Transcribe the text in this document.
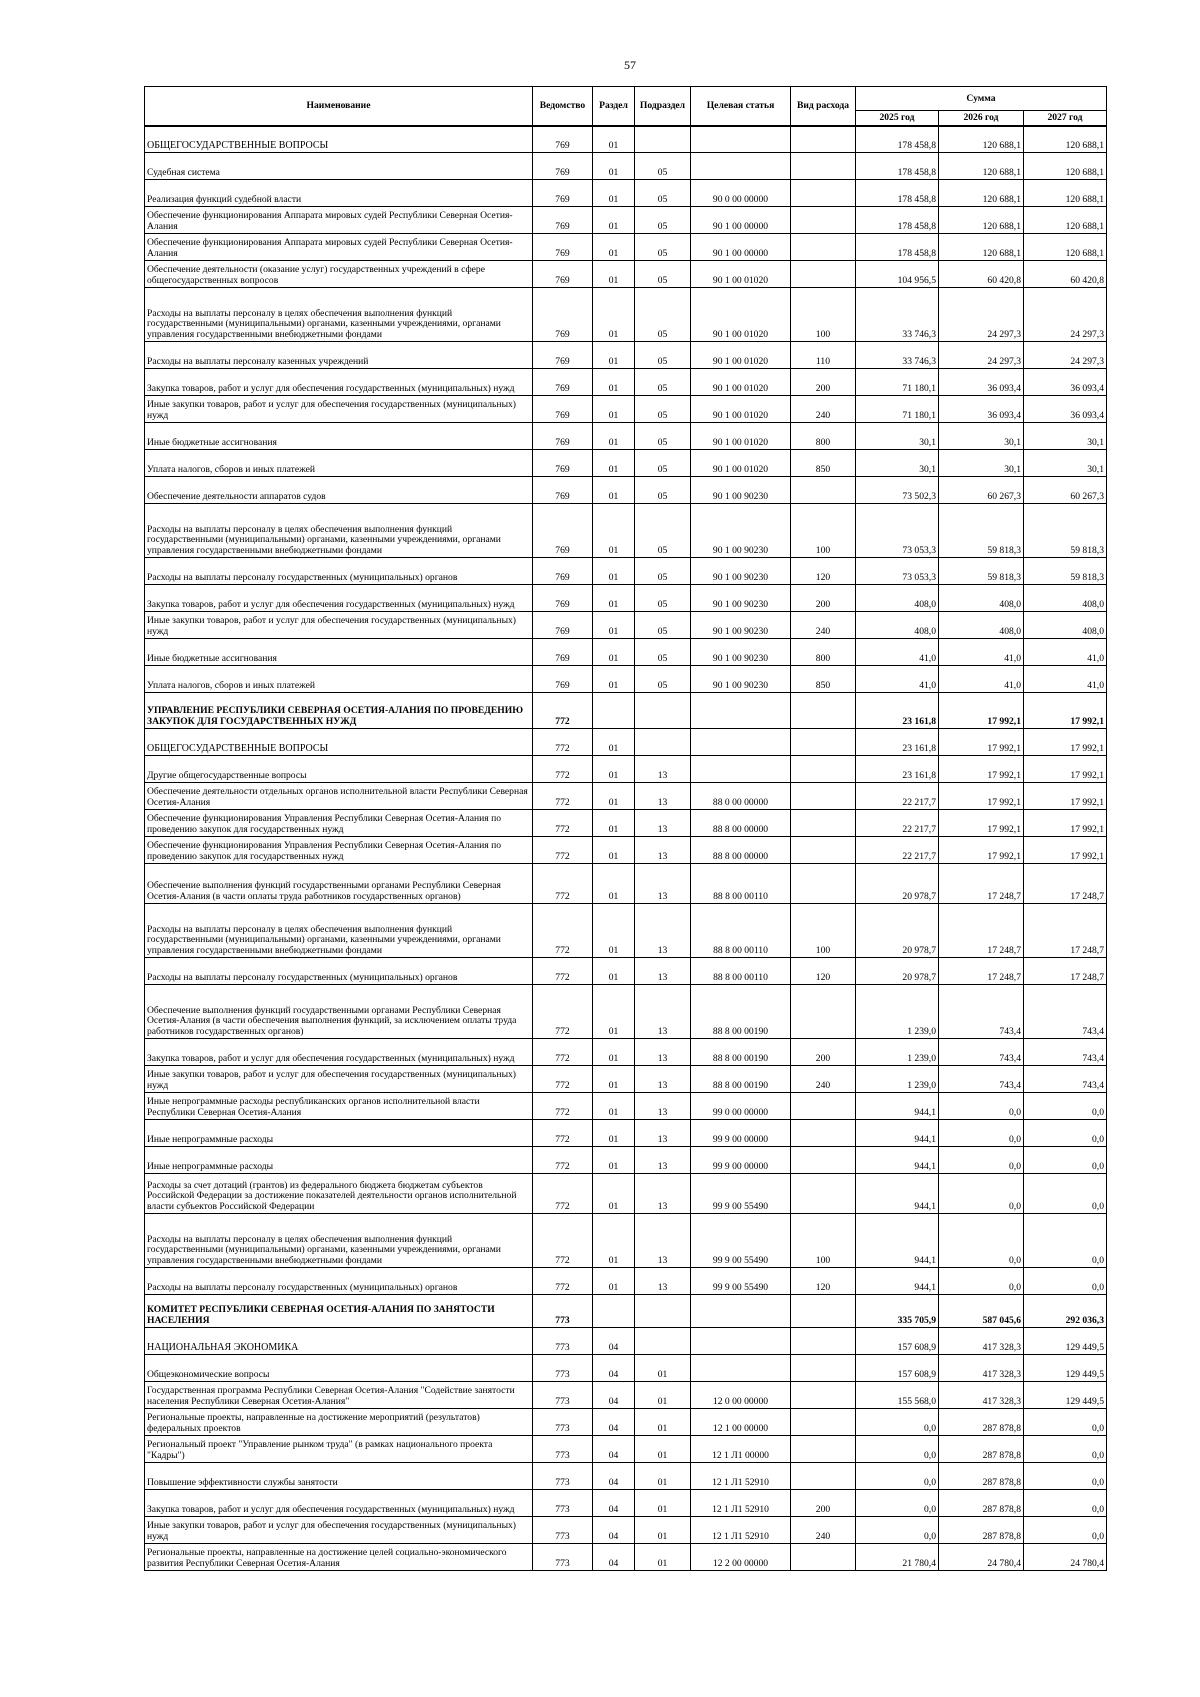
57
Наименование	Ведомство	Раздел	Подраздел	Целевая статья	Вид расхода	Сумма		
						2025 год	2026 год	2027 год
ОБЩЕГОСУДАРСТВЕННЫЕ ВОПРОСЫ	769	01				178 458,8	120 688,1	120 688,1
Судебная система	769	01	05			178 458,8	120 688,1	120 688,1
Реализация функций судебной власти	769	01	05	90 0 00 00000		178 458,8	120 688,1	120 688,1
Обеспечение функционирования Аппарата мировых судей Республики Северная Осетия-Алания	769	01	05	90 1 00 00000		178 458,8	120 688,1	120 688,1
Обеспечение функционирования Аппарата мировых судей Республики Северная Осетия-Алания	769	01	05	90 1 00 00000		178 458,8	120 688,1	120 688,1
Обеспечение деятельности (оказание услуг) государственных учреждений в сфере общегосударственных вопросов	769	01	05	90 1 00 01020		104 956,5	60 420,8	60 420,8
Расходы на выплаты персоналу в целях обеспечения выполнения функций государственными (муниципальными) органами, казенными учреждениями, органами управления государственными внебюджетными фондами	769	01	05	90 1 00 01020	100	33 746,3	24 297,3	24 297,3
Расходы на выплаты персоналу казенных учреждений	769	01	05	90 1 00 01020	110	33 746,3	24 297,3	24 297,3
Закупка товаров, работ и услуг для обеспечения государственных (муниципальных) нужд	769	01	05	90 1 00 01020	200	71 180,1	36 093,4	36 093,4
Иные закупки товаров, работ и услуг для обеспечения государственных (муниципальных) нужд	769	01	05	90 1 00 01020	240	71 180,1	36 093,4	36 093,4
Иные бюджетные ассигнования	769	01	05	90 1 00 01020	800	30,1	30,1	30,1
Уплата налогов, сборов и иных платежей	769	01	05	90 1 00 01020	850	30,1	30,1	30,1
Обеспечение деятельности аппаратов судов	769	01	05	90 1 00 90230		73 502,3	60 267,3	60 267,3
Расходы на выплаты персоналу в целях обеспечения выполнения функций государственными (муниципальными) органами, казенными учреждениями, органами управления государственными внебюджетными фондами	769	01	05	90 1 00 90230	100	73 053,3	59 818,3	59 818,3
Расходы на выплаты персоналу государственных (муниципальных) органов	769	01	05	90 1 00 90230	120	73 053,3	59 818,3	59 818,3
Закупка товаров, работ и услуг для обеспечения государственных (муниципальных) нужд	769	01	05	90 1 00 90230	200	408,0	408,0	408,0
Иные закупки товаров, работ и услуг для обеспечения государственных (муниципальных) нужд	769	01	05	90 1 00 90230	240	408,0	408,0	408,0
Иные бюджетные ассигнования	769	01	05	90 1 00 90230	800	41,0	41,0	41,0
Уплата налогов, сборов и иных платежей	769	01	05	90 1 00 90230	850	41,0	41,0	41,0
УПРАВЛЕНИЕ РЕСПУБЛИКИ СЕВЕРНАЯ ОСЕТИЯ-АЛАНИЯ ПО ПРОВЕДЕНИЮ ЗАКУПОК ДЛЯ ГОСУДАРСТВЕННЫХ НУЖД	772					23 161,8	17 992,1	17 992,1
ОБЩЕГОСУДАРСТВЕННЫЕ ВОПРОСЫ	772	01				23 161,8	17 992,1	17 992,1
Другие общегосударственные вопросы	772	01	13			23 161,8	17 992,1	17 992,1
Обеспечение деятельности отдельных органов исполнительной власти Республики Северная Осетия-Алания	772	01	13	88 0 00 00000		22 217,7	17 992,1	17 992,1
Обеспечение функционирования Управления Республики Северная Осетия-Алания по проведению закупок для государственных нужд	772	01	13	88 8 00 00000		22 217,7	17 992,1	17 992,1
Обеспечение функционирования Управления Республики Северная Осетия-Алания по проведению закупок для государственных нужд	772	01	13	88 8 00 00000		22 217,7	17 992,1	17 992,1
Обеспечение выполнения функций государственными органами Республики Северная Осетия-Алания (в части оплаты труда работников государственных органов)	772	01	13	88 8 00 00110		20 978,7	17 248,7	17 248,7
Расходы на выплаты персоналу в целях обеспечения выполнения функций государственными (муниципальными) органами, казенными учреждениями, органами управления государственными внебюджетными фондами	772	01	13	88 8 00 00110	100	20 978,7	17 248,7	17 248,7
Расходы на выплаты персоналу государственных (муниципальных) органов	772	01	13	88 8 00 00110	120	20 978,7	17 248,7	17 248,7
Обеспечение выполнения функций государственными органами Республики Северная Осетия-Алания (в части обеспечения выполнения функций, за исключением оплаты труда работников государственных органов)	772	01	13	88 8 00 00190		1 239,0	743,4	743,4
Закупка товаров, работ и услуг для обеспечения государственных (муниципальных) нужд	772	01	13	88 8 00 00190	200	1 239,0	743,4	743,4
Иные закупки товаров, работ и услуг для обеспечения государственных (муниципальных) нужд	772	01	13	88 8 00 00190	240	1 239,0	743,4	743,4
Иные непрограммные расходы республиканских органов исполнительной власти Республики Северная Осетия-Алания	772	01	13	99 0 00 00000		944,1	0,0	0,0
Иные непрограммные расходы	772	01	13	99 9 00 00000		944,1	0,0	0,0
Иные непрограммные расходы	772	01	13	99 9 00 00000		944,1	0,0	0,0
Расходы за счет дотаций (грантов) из федерального бюджета бюджетам субъектов Российской Федерации за достижение показателей деятельности органов исполнительной власти субъектов Российской Федерации	772	01	13	99 9 00 55490		944,1	0,0	0,0
Расходы на выплаты персоналу в целях обеспечения выполнения функций государственными (муниципальными) органами, казенными учреждениями, органами управления государственными внебюджетными фондами	772	01	13	99 9 00 55490	100	944,1	0,0	0,0
Расходы на выплаты персоналу государственных (муниципальных) органов	772	01	13	99 9 00 55490	120	944,1	0,0	0,0
КОМИТЕТ РЕСПУБЛИКИ СЕВЕРНАЯ ОСЕТИЯ-АЛАНИЯ ПО ЗАНЯТОСТИ НАСЕЛЕНИЯ	773					335 705,9	587 045,6	292 036,3
НАЦИОНАЛЬНАЯ ЭКОНОМИКА	773	04				157 608,9	417 328,3	129 449,5
Общеэкономические вопросы	773	04	01			157 608,9	417 328,3	129 449,5
Государственная программа Республики Северная Осетия-Алания "Содействие занятости населения Республики Северная Осетия-Алания"	773	04	01	12 0 00 00000		155 568,0	417 328,3	129 449,5
Региональные проекты, направленные на достижение мероприятий (результатов) федеральных проектов	773	04	01	12 1 00 00000		0,0	287 878,8	0,0
Региональный проект "Управление рынком труда" (в рамках национального проекта "Кадры")	773	04	01	12 1 Л1 00000		0,0	287 878,8	0,0
Повышение эффективности службы занятости	773	04	01	12 1 Л1 52910		0,0	287 878,8	0,0
Закупка товаров, работ и услуг для обеспечения государственных (муниципальных) нужд	773	04	01	12 1 Л1 52910	200	0,0	287 878,8	0,0
Иные закупки товаров, работ и услуг для обеспечения государственных (муниципальных) нужд	773	04	01	12 1 Л1 52910	240	0,0	287 878,8	0,0
Региональные проекты, направленные на достижение целей социально-экономического развития Республики Северная Осетия-Алания	773	04	01	12 2 00 00000		21 780,4	24 780,4	24 780,4
